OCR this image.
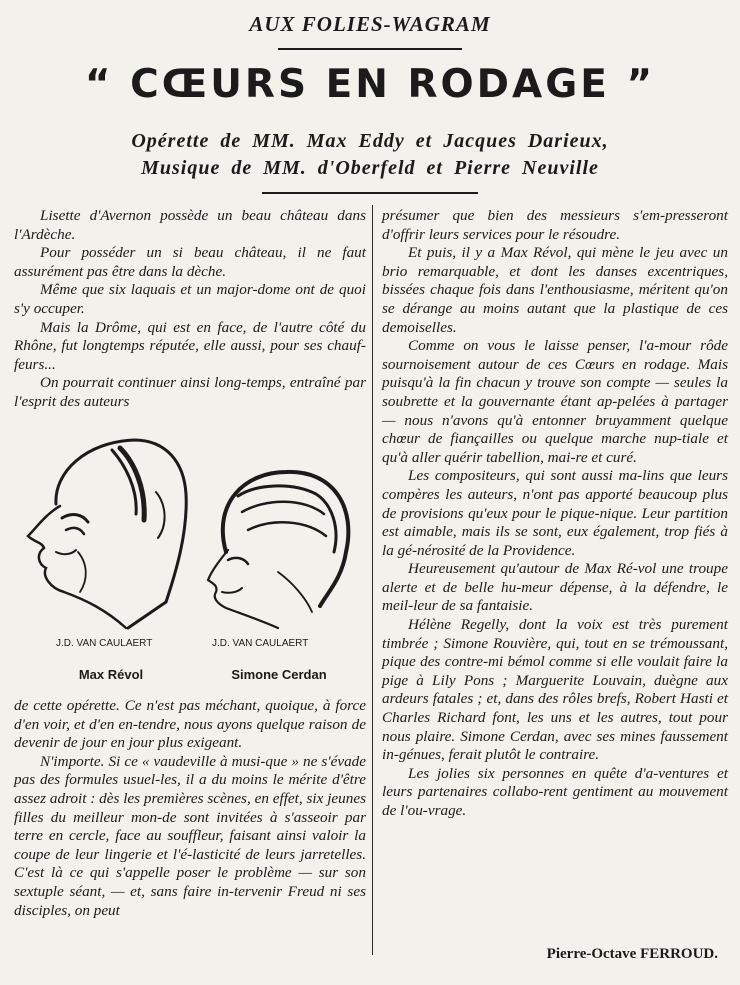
AUX FOLIES-WAGRAM
“ CŒURS EN RODAGE ”
Opérette de MM. Max Eddy et Jacques Darieux,
Musique de MM. d'Oberfeld et Pierre Neuville

Lisette d'Avernon possède un beau château dans l'Ardèche.

Pour posséder un si beau château, il ne faut assurément pas être dans la dèche.

Même que six laquais et un major-dome ont de quoi s'y occuper.

Mais la Drôme, qui est en face, de l'autre côté du Rhône, fut longtemps réputée, elle aussi, pour ses chauf-feurs...

On pourrait continuer ainsi long-temps, entraîné par l'esprit des auteurs

J.D. VAN CAULAERT	J.D. VAN CAULAERT
Max Révol	Simone Cerdan

de cette opérette. Ce n'est pas méchant, quoique, à force d'en voir, et d'en en-tendre, nous ayons quelque raison de devenir de jour en jour plus exigeant.

N'importe. Si ce « vaudeville à musi-que » ne s'évade pas des formules usuel-les, il a du moins le mérite d'être assez adroit : dès les premières scènes, en effet, six jeunes filles du meilleur mon-de sont invitées à s'asseoir par terre en cercle, face au souffleur, faisant ainsi valoir la coupe de leur lingerie et l'é-lasticité de leurs jarretelles. C'est là ce qui s'appelle poser le problème — sur son sextuple séant, — et, sans faire in-tervenir Freud ni ses disciples, on peut

présumer que bien des messieurs s'em-presseront d'offrir leurs services pour le résoudre.

Et puis, il y a Max Révol, qui mène le jeu avec un brio remarquable, et dont les danses excentriques, bissées chaque fois dans l'enthousiasme, méritent qu'on se dérange au moins autant que la plastique de ces demoiselles.

Comme on vous le laisse penser, l'a-mour rôde sournoisement autour de ces Cœurs en rodage. Mais puisqu'à la fin chacun y trouve son compte — seules la soubrette et la gouvernante étant ap-pelées à partager — nous n'avons qu'à entonner bruyamment quelque chœur de fiançailles ou quelque marche nup-tiale et qu'à aller quérir tabellion, mai-re et curé.

Les compositeurs, qui sont aussi ma-lins que leurs compères les auteurs, n'ont pas apporté beaucoup plus de provisions qu'eux pour le pique-nique. Leur partition est aimable, mais ils se sont, eux également, trop fiés à la gé-nérosité de la Providence.

Heureusement qu'autour de Max Ré-vol une troupe alerte et de belle hu-meur dépense, à la défendre, le meil-leur de sa fantaisie.

Hélène Regelly, dont la voix est très purement timbrée ; Simone Rouvière, qui, tout en se trémoussant, pique des contre-mi bémol comme si elle voulait faire la pige à Lily Pons ; Marguerite Louvain, duègne aux ardeurs fatales ; et, dans des rôles brefs, Robert Hasti et Charles Richard font, les uns et les autres, tout pour nous plaire. Simone Cerdan, avec ses mines faussement in-génues, ferait plutôt le contraire.

Les jolies six personnes en quête d'a-ventures et leurs partenaires collabo-rent gentiment au mouvement de l'ou-vrage.

Pierre-Octave FERROUD.
